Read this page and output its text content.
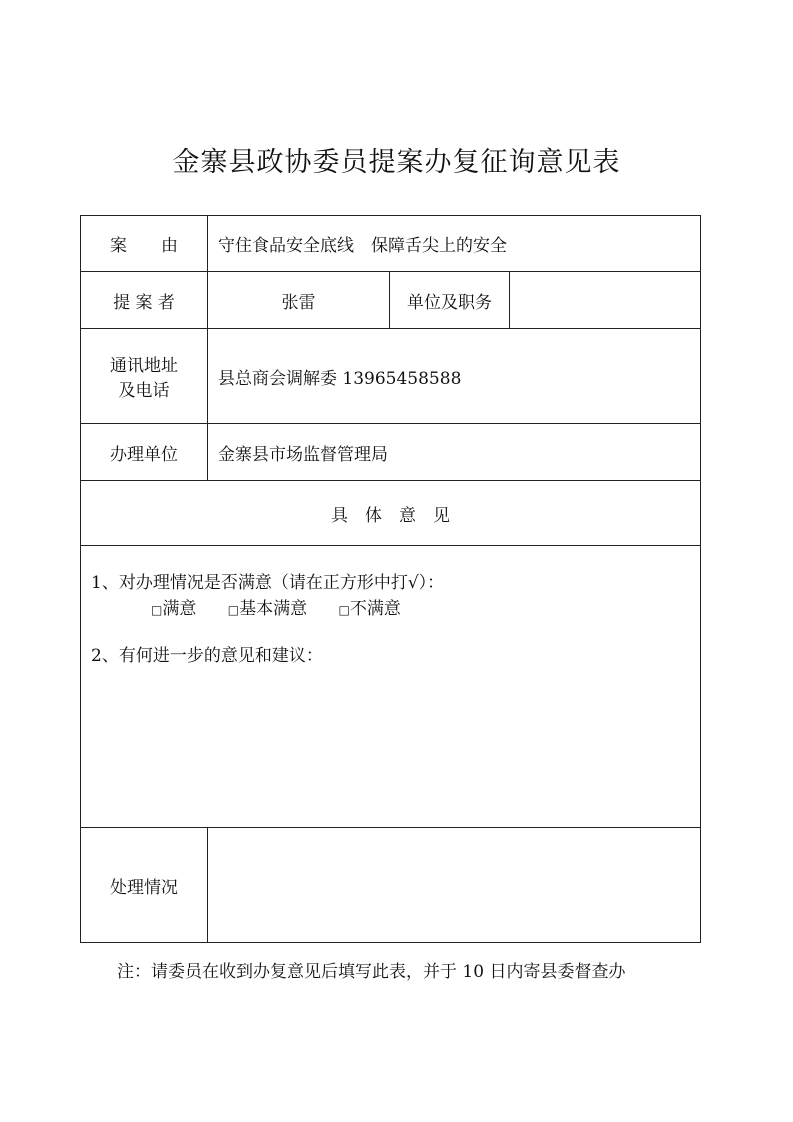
金寨县政协委员提案办复征询意见表
案　　由	守住食品安全底线　保障舌尖上的安全		
提 案 者	张雷	单位及职务	

通讯地址
及电话	县总商会调解委 13965458588		
办理单位	金寨县市场监督管理局		
具　体　意　见			

1、对办理情况是否满意（请在正方形中打√）：
□满意 □基本满意 □不满意
2、有何进一步的意见和建议：			

处理情况			
注：请委员在收到办复意见后填写此表，并于 10 日内寄县委督查办
